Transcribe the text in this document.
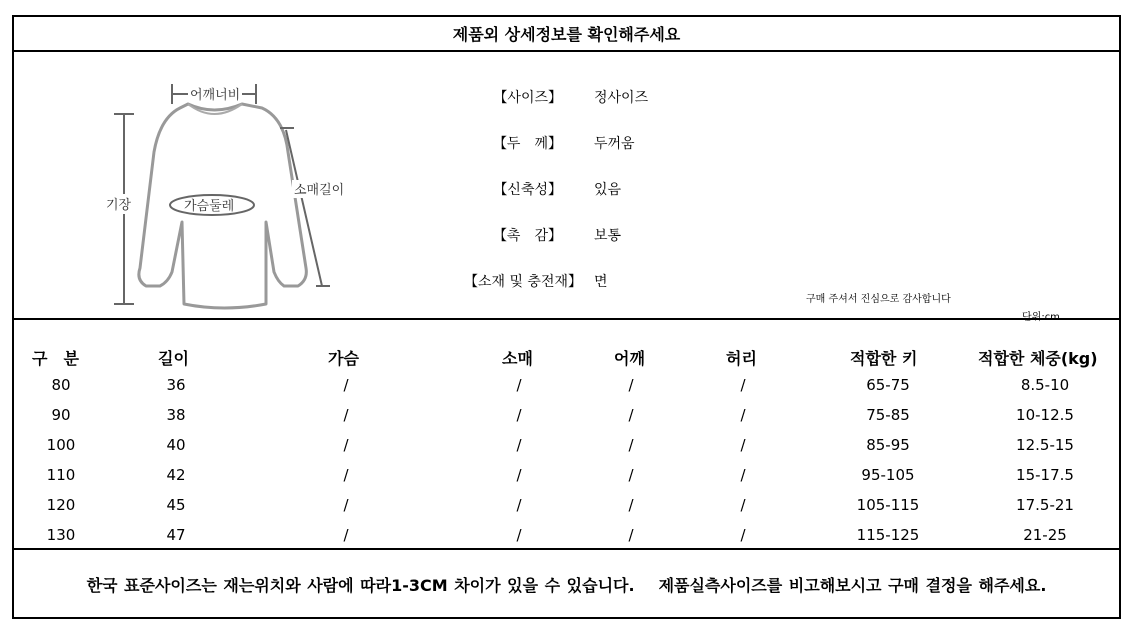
제품외 상세정보를 확인해주세요
어깨너비
가슴둘레
소매길이
기장
【사이즈】 정사이즈
【두　께】 두꺼움
【신축성】 있음
【촉　감】 보통
【소재 및 충전재】 면
구매 주셔서 진심으로 감사합니다
단위:cm
구　분	길이	가슴	소매	어깨	허리	적합한 키	적합한 체중(kg)
80	36	/	/	/	/	65-75	8.5-10
90	38	/	/	/	/	75-85	10-12.5
100	40	/	/	/	/	85-95	12.5-15
110	42	/	/	/	/	95-105	15-17.5
120	45	/	/	/	/	105-115	17.5-21
130	47	/	/	/	/	115-125	21-25
한국 표준사이즈는 재는위치와 사람에 따라1-3CM 차이가 있을 수 있습니다. 제품실측사이즈를 비고해보시고 구매 결정을 해주세요.
